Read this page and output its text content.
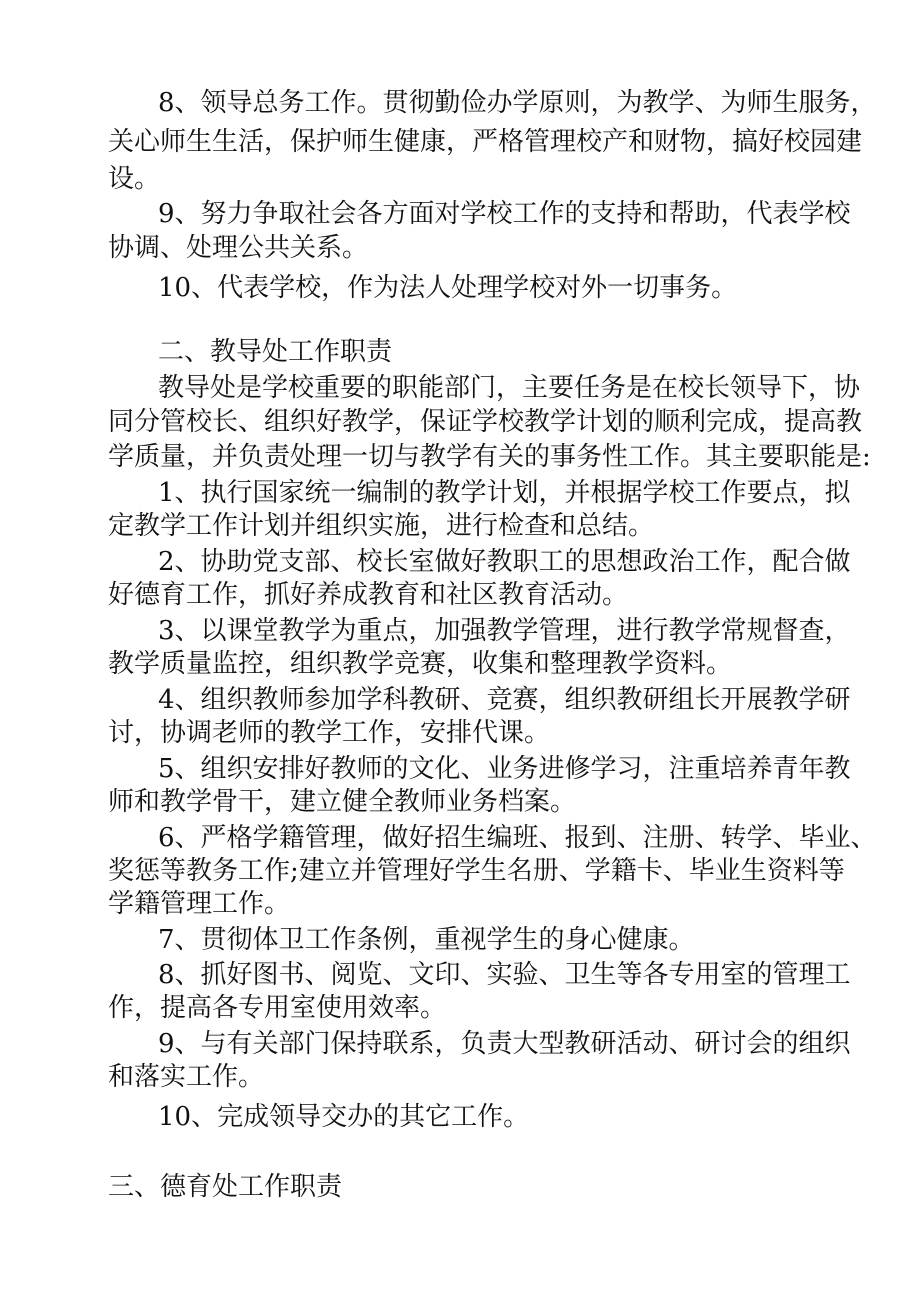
8、领导总务工作。贯彻勤俭办学原则，为教学、为师生服务，
关心师生生活，保护师生健康，严格管理校产和财物，搞好校园建
设。
9、努力争取社会各方面对学校工作的支持和帮助，代表学校
协调、处理公共关系。
10、代表学校，作为法人处理学校对外一切事务。
二、教导处工作职责
教导处是学校重要的职能部门，主要任务是在校长领导下，协
同分管校长、组织好教学，保证学校教学计划的顺利完成，提高教
学质量，并负责处理一切与教学有关的事务性工作。其主要职能是:
1、执行国家统一编制的教学计划，并根据学校工作要点，拟
定教学工作计划并组织实施，进行检查和总结。
2、协助党支部、校长室做好教职工的思想政治工作，配合做
好德育工作，抓好养成教育和社区教育活动。
3、以课堂教学为重点，加强教学管理，进行教学常规督查，
教学质量监控，组织教学竞赛，收集和整理教学资料。
4、组织教师参加学科教研、竞赛，组织教研组长开展教学研
讨，协调老师的教学工作，安排代课。
5、组织安排好教师的文化、业务进修学习，注重培养青年教
师和教学骨干，建立健全教师业务档案。
6、严格学籍管理，做好招生编班、报到、注册、转学、毕业、
奖惩等教务工作;建立并管理好学生名册、学籍卡、毕业生资料等
学籍管理工作。
7、贯彻体卫工作条例，重视学生的身心健康。
8、抓好图书、阅览、文印、实验、卫生等各专用室的管理工
作，提高各专用室使用效率。
9、与有关部门保持联系，负责大型教研活动、研讨会的组织
和落实工作。
10、完成领导交办的其它工作。
三、德育处工作职责
